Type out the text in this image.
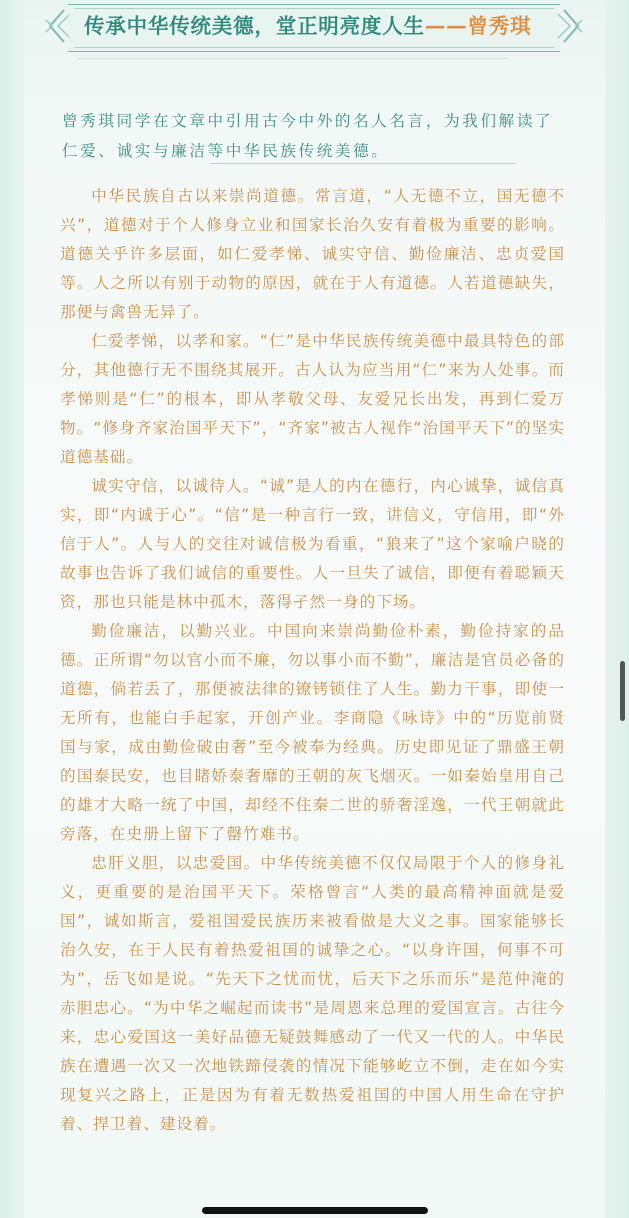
传承中华传统美德，堂正明亮度人生——曾秀琪
曾秀琪同学在文章中引用古今中外的名人名言，为我们解读了仁爱、诚实与廉洁等中华民族传统美德。

中华民族自古以来崇尚道德。常言道，“人无德不立，国无德不兴”，道德对于个人修身立业和国家长治久安有着极为重要的影响。道德关乎许多层面，如仁爱孝悌、诚实守信、勤俭廉洁、忠贞爱国等。人之所以有别于动物的原因，就在于人有道德。人若道德缺失，那便与禽兽无异了。

仁爱孝悌，以孝和家。“仁”是中华民族传统美德中最具特色的部分，其他德行无不围绕其展开。古人认为应当用“仁”来为人处事。而孝悌则是“仁”的根本，即从孝敬父母、友爱兄长出发，再到仁爱万物。“修身齐家治国平天下”，“齐家”被古人视作“治国平天下”的坚实道德基础。

诚实守信，以诚待人。“诚”是人的内在德行，内心诚挚，诚信真实，即“内诚于心”。“信”是一种言行一致，讲信义，守信用，即“外信于人”。人与人的交往对诚信极为看重，“狼来了”这个家喻户晓的故事也告诉了我们诚信的重要性。人一旦失了诚信，即便有着聪颖天资，那也只能是林中孤木，落得孑然一身的下场。

勤俭廉洁，以勤兴业。中国向来崇尚勤俭朴素，勤俭持家的品德。正所谓“勿以官小而不廉，勿以事小而不勤”，廉洁是官员必备的道德，倘若丢了，那便被法律的镣铐锁住了人生。勤力干事，即使一无所有，也能白手起家，开创产业。李商隐《咏诗》中的“历览前贤国与家，成由勤俭破由奢”至今被奉为经典。历史即见证了鼎盛王朝的国泰民安，也目睹娇泰奢靡的王朝的灰飞烟灭。一如秦始皇用自己的雄才大略一统了中国，却经不住秦二世的骄奢淫逸，一代王朝就此旁落，在史册上留下了罄竹难书。

忠肝义胆，以忠爱国。中华传统美德不仅仅局限于个人的修身礼义，更重要的是治国平天下。荣格曾言“人类的最高精神面就是爱国”，诚如斯言，爱祖国爱民族历来被看做是大义之事。国家能够长治久安，在于人民有着热爱祖国的诚挚之心。“以身许国，何事不可为”，岳飞如是说。“先天下之忧而忧，后天下之乐而乐”是范仲淹的赤胆忠心。“为中华之崛起而读书”是周恩来总理的爱国宣言。古往今来，忠心爱国这一美好品德无疑鼓舞感动了一代又一代的人。中华民族在遭遇一次又一次地铁蹄侵袭的情况下能够屹立不倒，走在如今实现复兴之路上，正是因为有着无数热爱祖国的中国人用生命在守护着、捍卫着、建设着。
